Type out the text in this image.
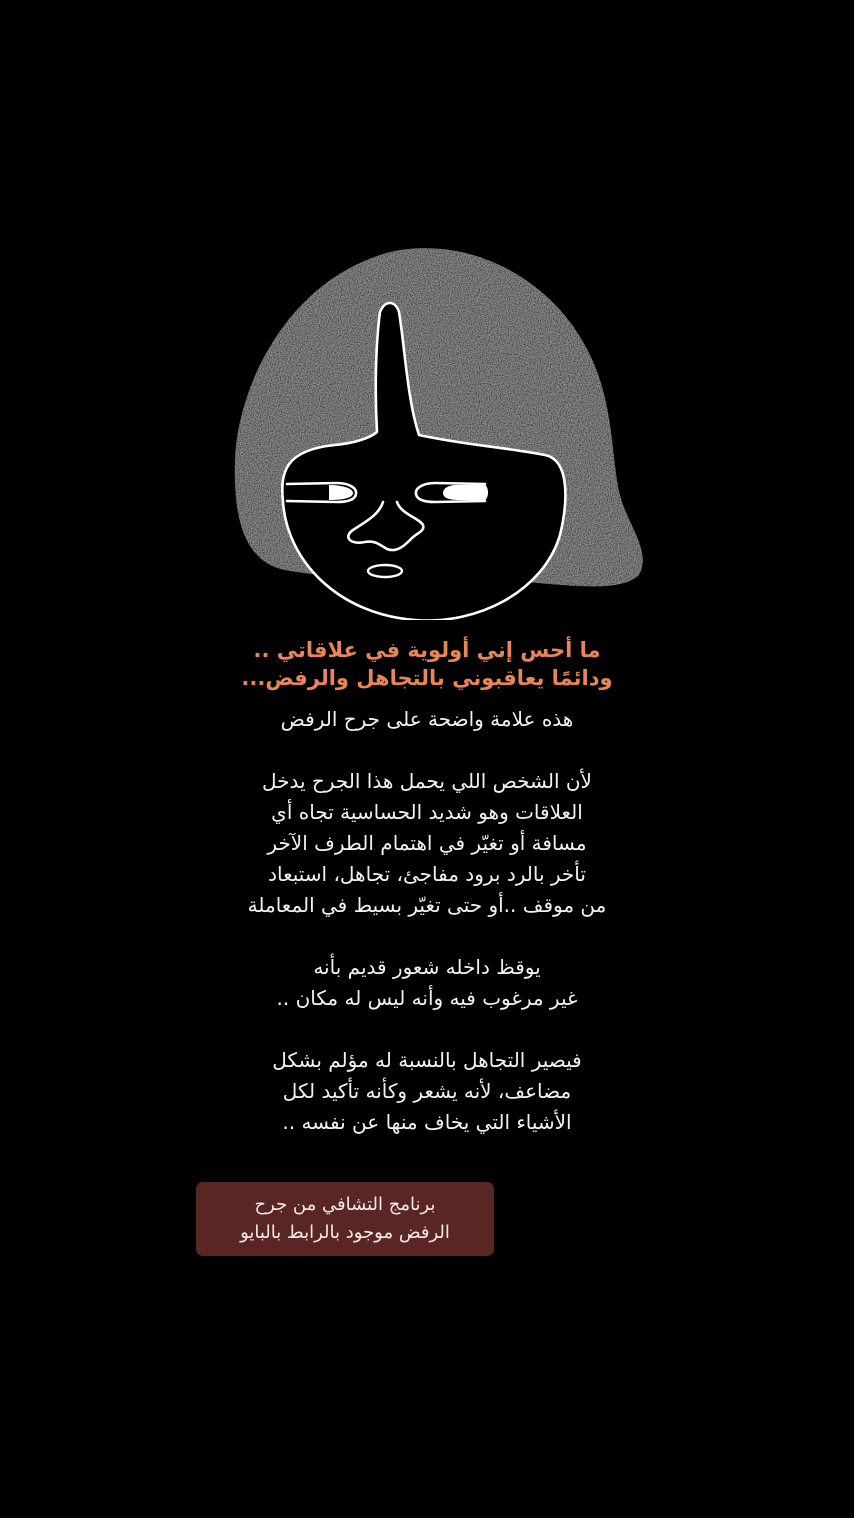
ما أحس إني أولوية في علاقاتي ..
ودائمًا يعاقبوني بالتجاهل والرفض...
هذه علامة واضحة على جرح الرفض
لأن الشخص اللي يحمل هذا الجرح يدخل
العلاقات وهو شديد الحساسية تجاه أي
مسافة أو تغيّر في اهتمام الطرف الآخر
تأخر بالرد برود مفاجئ، تجاهل، استبعاد
من موقف ..أو حتى تغيّر بسيط في المعاملة
يوقظ داخله شعور قديم بأنه
غير مرغوب فيه وأنه ليس له مكان ..
فيصير التجاهل بالنسبة له مؤلم بشكل
مضاعف، لأنه يشعر وكأنه تأكيد لكل
الأشياء التي يخاف منها عن نفسه ..
برنامج التشافي من جرح
الرفض موجود بالرابط بالبايو
